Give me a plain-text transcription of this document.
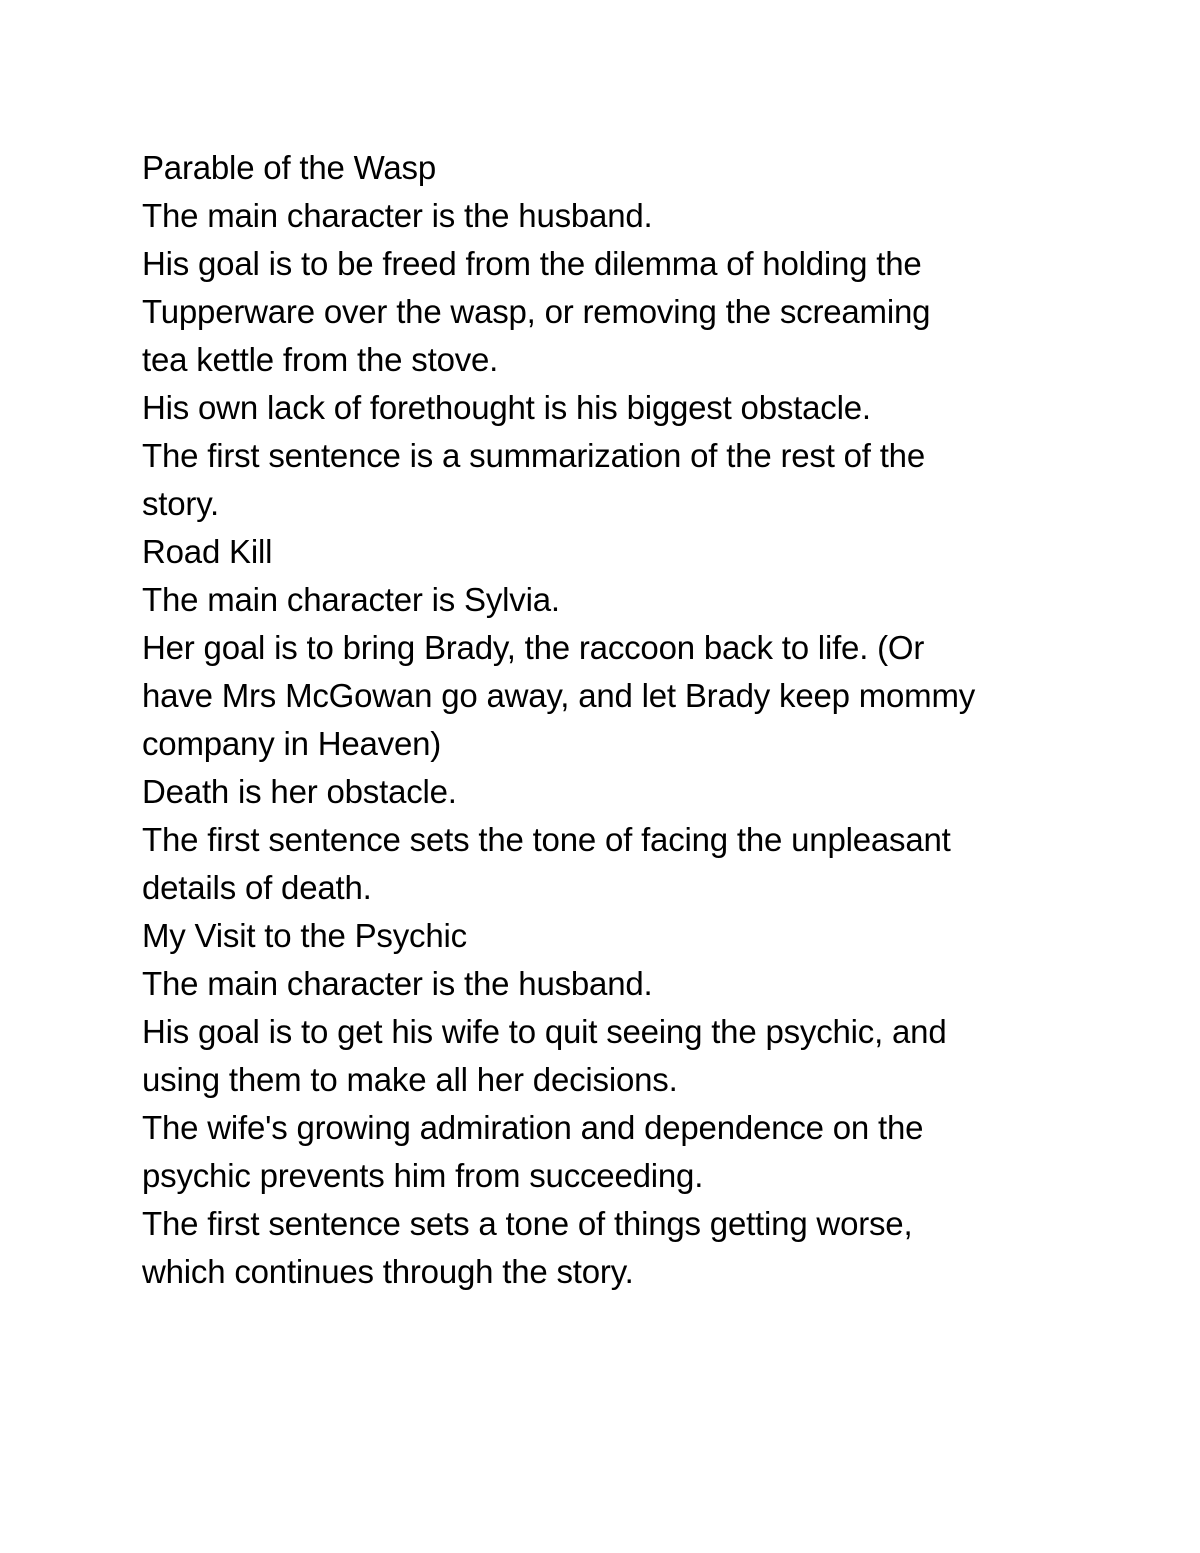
Parable of the Wasp
The main character is the husband.
His goal is to be freed from the dilemma of holding the
Tupperware over the wasp, or removing the screaming
tea kettle from the stove.
His own lack of forethought is his biggest obstacle.
The first sentence is a summarization of the rest of the
story.
Road Kill
The main character is Sylvia.
Her goal is to bring Brady, the raccoon back to life. (Or
have Mrs McGowan go away, and let Brady keep mommy
company in Heaven)
Death is her obstacle.
The first sentence sets the tone of facing the unpleasant
details of death.
My Visit to the Psychic
The main character is the husband.
His goal is to get his wife to quit seeing the psychic, and
using them to make all her decisions.
The wife's growing admiration and dependence on the
psychic prevents him from succeeding.
The first sentence sets a tone of things getting worse,
which continues through the story.
